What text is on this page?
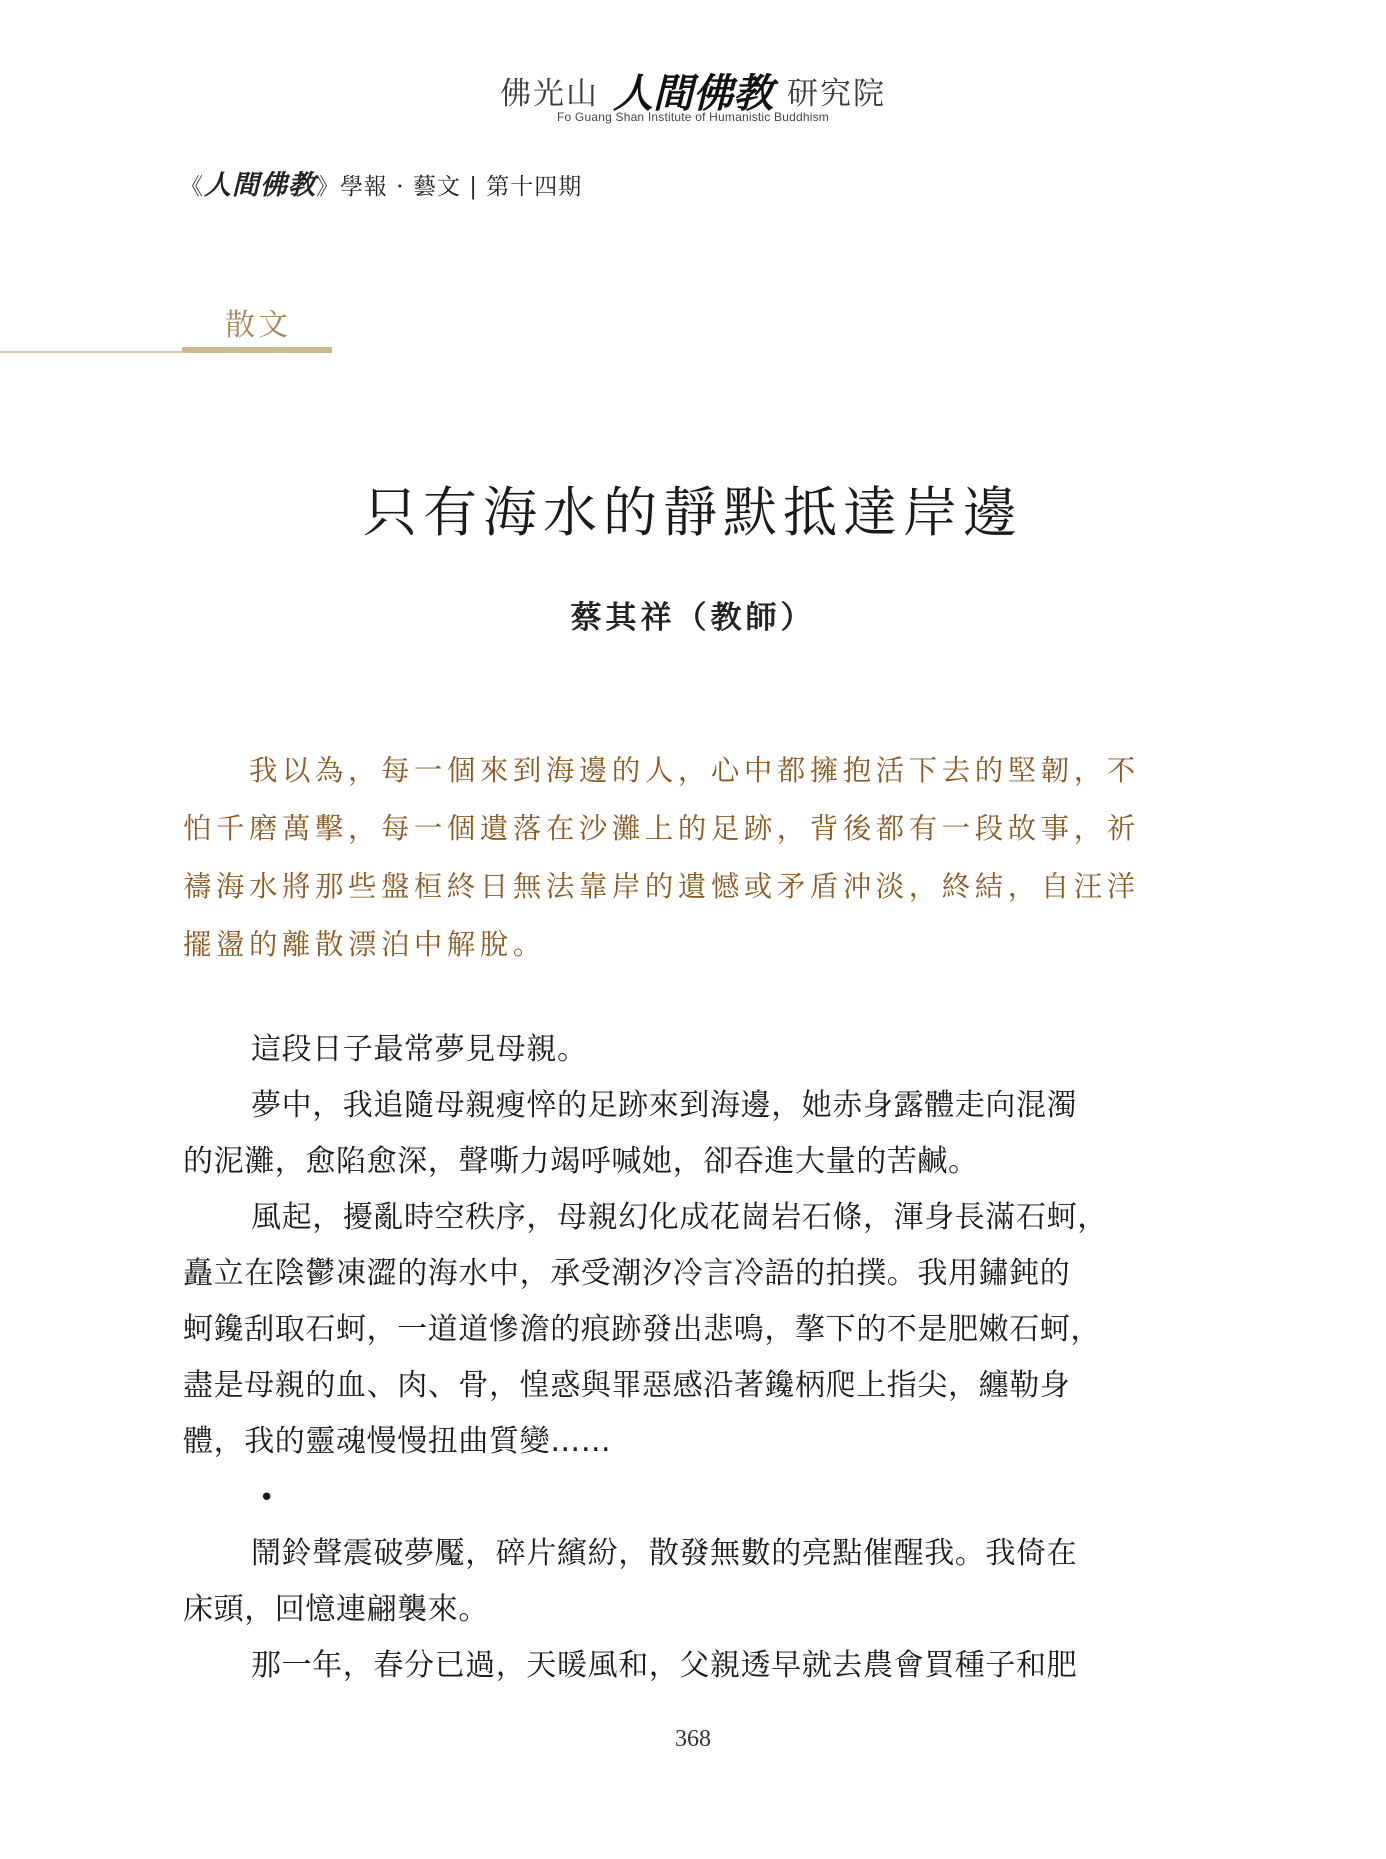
佛光山 人間佛教 研究院
Fo Guang Shan Institute of Humanistic Buddhism
《人間佛教》學報 · 藝文 | 第十四期
散文
只有海水的靜默抵達岸邊
蔡其祥（教師）
　　我以為，每一個來到海邊的人，心中都擁抱活下去的堅韌，不
怕千磨萬擊，每一個遺落在沙灘上的足跡，背後都有一段故事，祈
禱海水將那些盤桓終日無法靠岸的遺憾或矛盾沖淡，終結，自汪洋
擺盪的離散漂泊中解脫。
這段日子最常夢見母親。
夢中，我追隨母親瘦悴的足跡來到海邊，她赤身露體走向混濁
的泥灘，愈陷愈深，聲嘶力竭呼喊她，卻吞進大量的苦鹹。
風起，擾亂時空秩序，母親幻化成花崗岩石條，渾身長滿石蚵，
矗立在陰鬱凍澀的海水中，承受潮汐冷言冷語的拍撲。我用鏽鈍的
蚵鑱刮取石蚵，一道道慘澹的痕跡發出悲鳴，摮下的不是肥嫩石蚵，
盡是母親的血、肉、骨，惶惑與罪惡感沿著鑱柄爬上指尖，纏勒身
體，我的靈魂慢慢扭曲質變……
•
鬧鈴聲震破夢魘，碎片繽紛，散發無數的亮點催醒我。我倚在
床頭，回憶連翩襲來。
那一年，春分已過，天暖風和，父親透早就去農會買種子和肥
368
